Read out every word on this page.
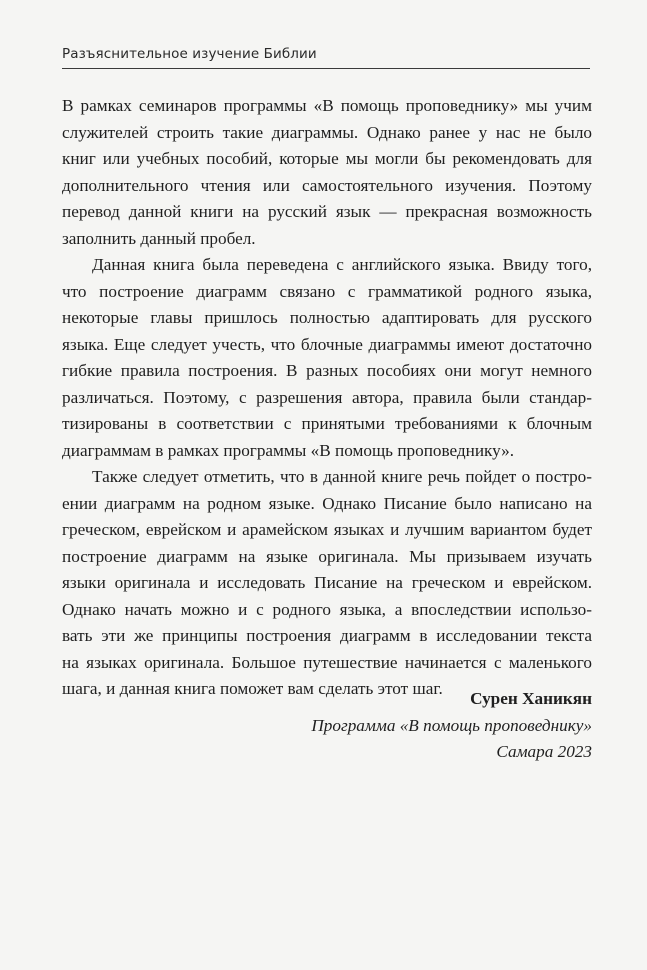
Разъяснительное изучение Библии

В рамках семинаров программы «В помощь проповеднику» мы учим
служителей строить такие диаграммы. Однако ранее у нас не было
книг или учебных пособий, которые мы могли бы рекомендовать для
дополнительного чтения или самостоятельного изучения. Поэтому
перевод данной книги на русский язык — прекрасная возможность
заполнить данный пробел.

Данная книга была переведена с английского языка. Ввиду того,
что построение диаграмм связано с грамматикой родного языка,
некоторые главы пришлось полностью адаптировать для русского
языка. Еще следует учесть, что блочные диаграммы имеют достаточно
гибкие правила построения. В разных пособиях они могут немного
различаться. Поэтому, с разрешения автора, правила были стандар-
тизированы в соответствии с принятыми требованиями к блочным
диаграммам в рамках программы «В помощь проповеднику».

Также следует отметить, что в данной книге речь пойдет о постро-
ении диаграмм на родном языке. Однако Писание было написано на
греческом, еврейском и арамейском языках и лучшим вариантом будет
построение диаграмм на языке оригинала. Мы призываем изучать
языки оригинала и исследовать Писание на греческом и еврейском.
Однако начать можно и с родного языка, а впоследствии использо-
вать эти же принципы построения диаграмм в исследовании текста
на языках оригинала. Большое путешествие начинается с маленького
шага, и данная книга поможет вам сделать этот шаг.

Сурен Ханикян
Программа «В помощь проповеднику»
Самара 2023
